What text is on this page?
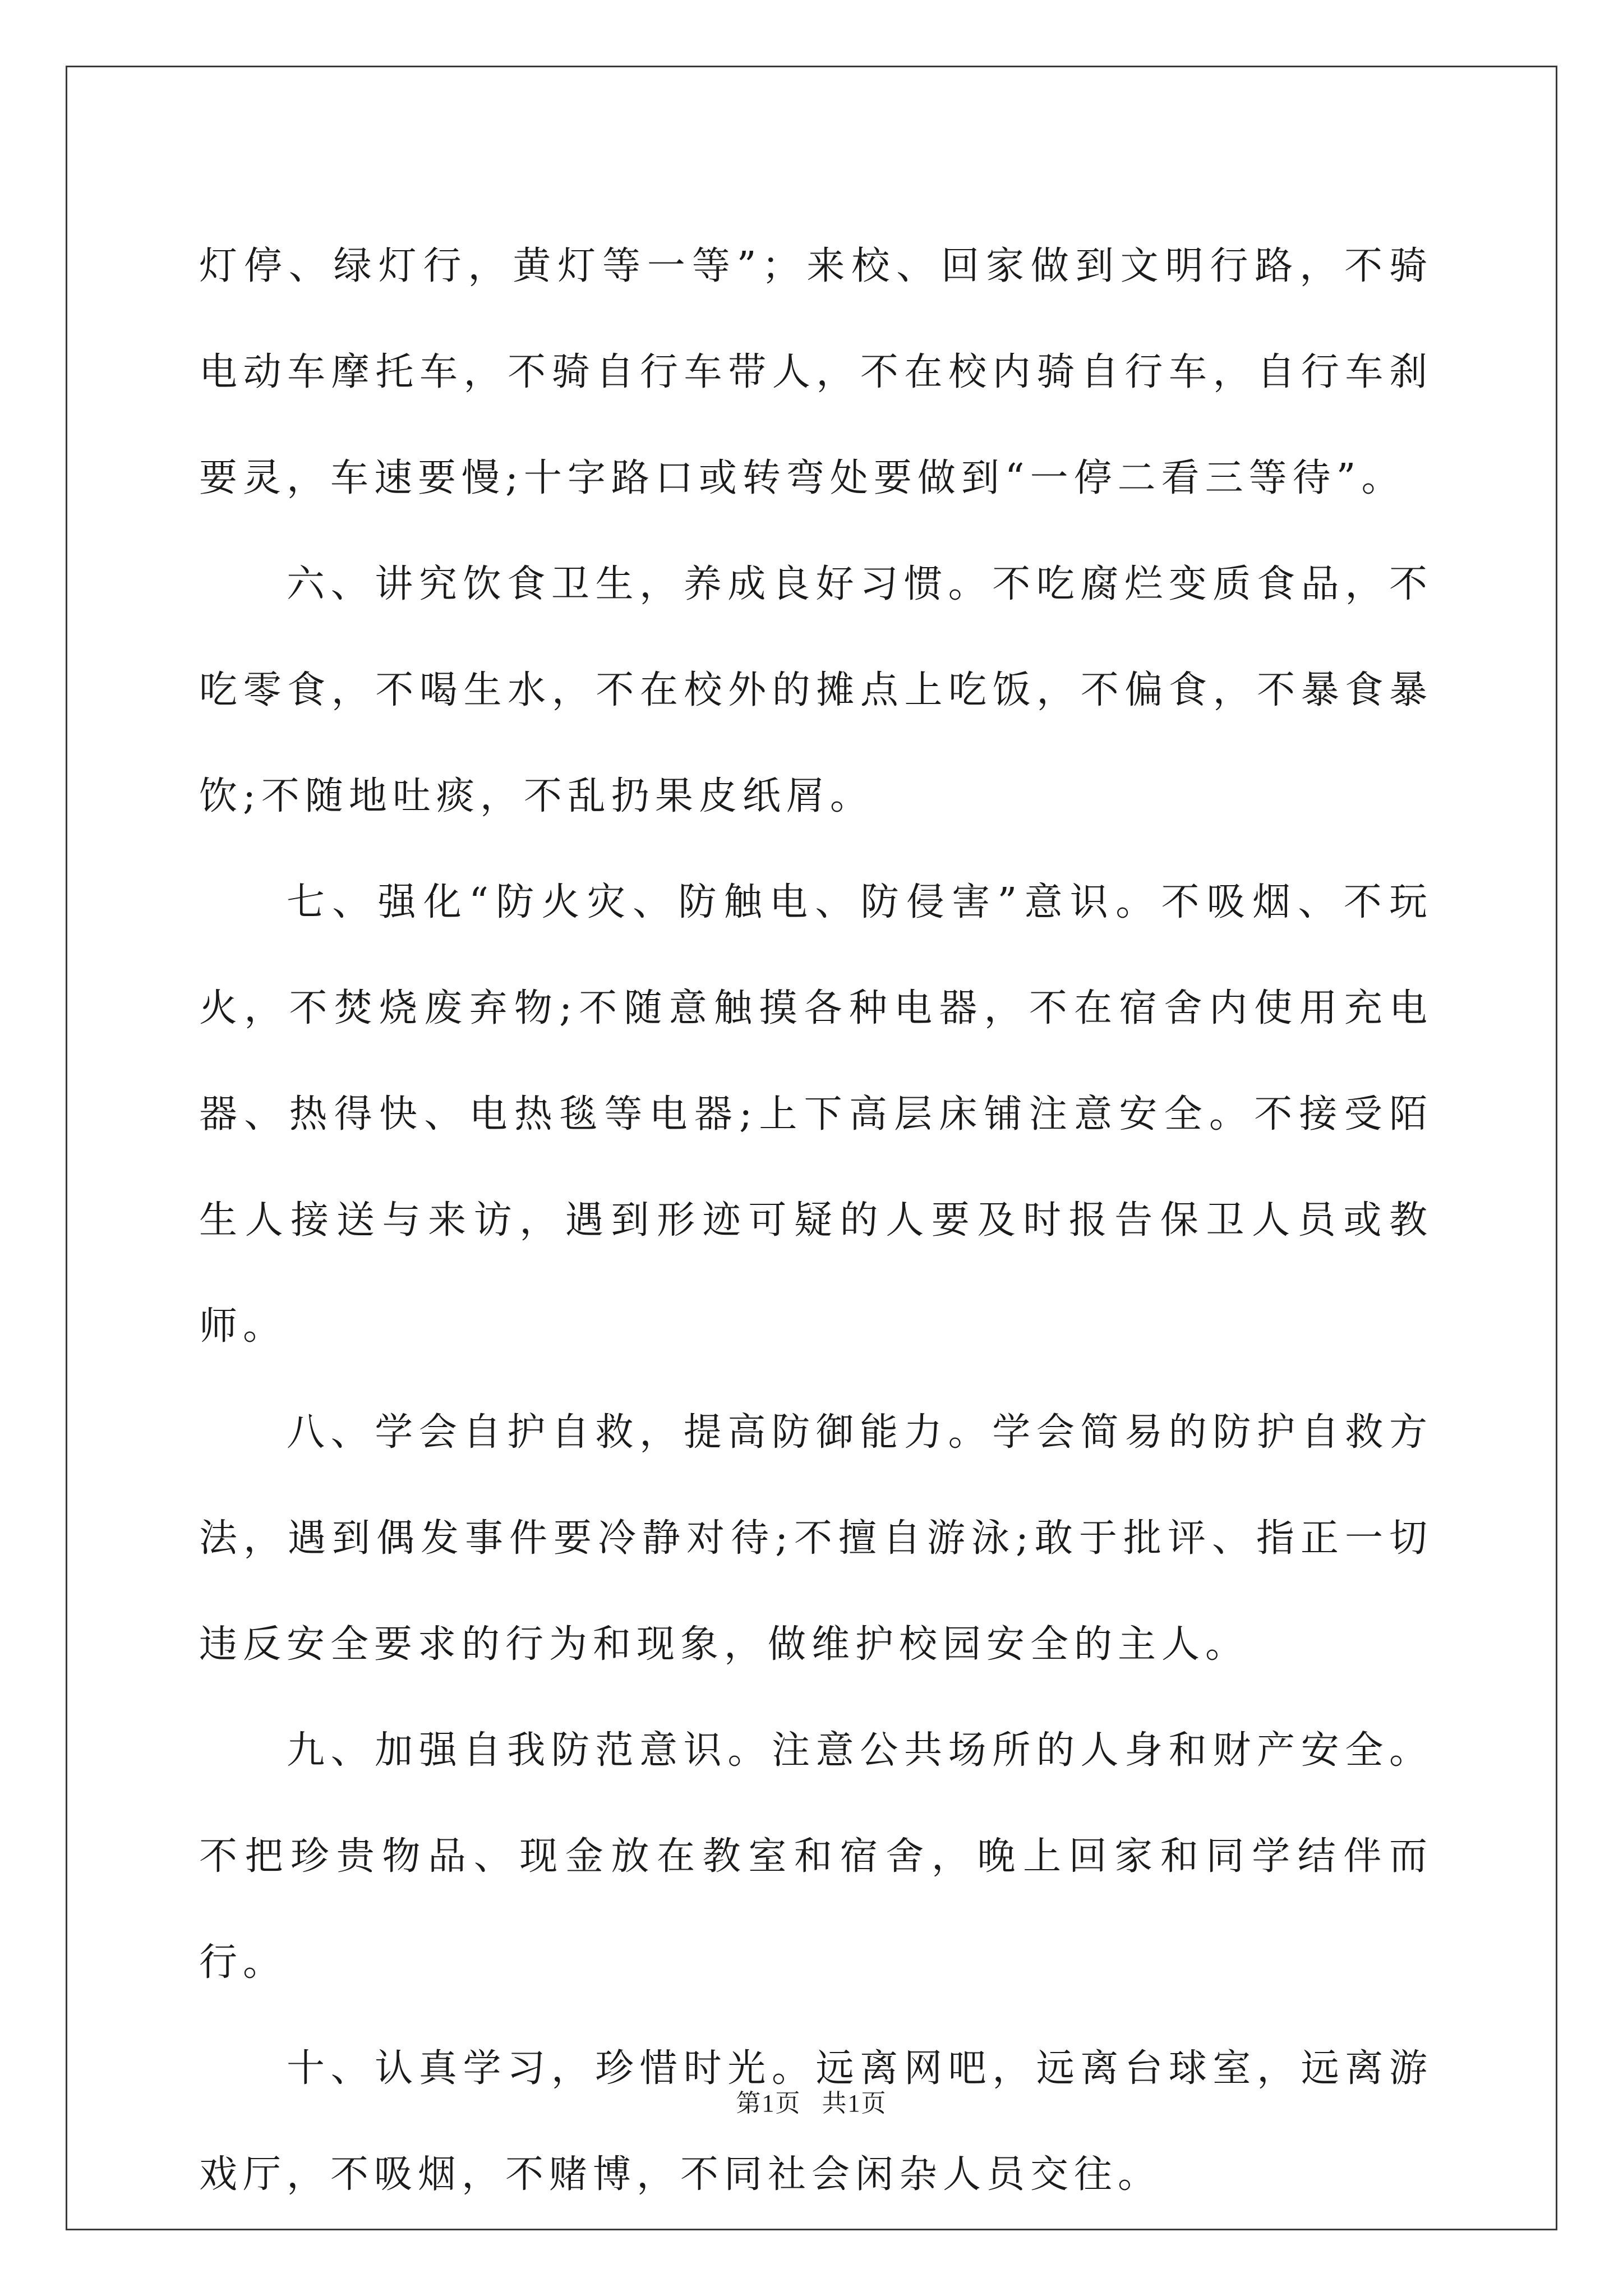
灯停、绿灯行，黄灯等一等”；来校、回家做到文明行路，不骑电动车摩托车，不骑自行车带人，不在校内骑自行车，自行车刹要灵，车速要慢;十字路口或转弯处要做到“一停二看三等待”。

六、讲究饮食卫生，养成良好习惯。不吃腐烂变质食品，不吃零食，不喝生水，不在校外的摊点上吃饭，不偏食，不暴食暴饮;不随地吐痰，不乱扔果皮纸屑。

七、强化“防火灾、防触电、防侵害”意识。不吸烟、不玩火，不焚烧废弃物;不随意触摸各种电器，不在宿舍内使用充电器、热得快、电热毯等电器;上下高层床铺注意安全。不接受陌生人接送与来访，遇到形迹可疑的人要及时报告保卫人员或教师。

八、学会自护自救，提高防御能力。学会简易的防护自救方法，遇到偶发事件要冷静对待;不擅自游泳;敢于批评、指正一切违反安全要求的行为和现象，做维护校园安全的主人。

九、加强自我防范意识。注意公共场所的人身和财产安全。不把珍贵物品、现金放在教室和宿舍，晚上回家和同学结伴而行。

十、认真学习，珍惜时光。远离网吧，远离台球室，远离游戏厅，不吸烟，不赌博，不同社会闲杂人员交往。

第1页 共1页
